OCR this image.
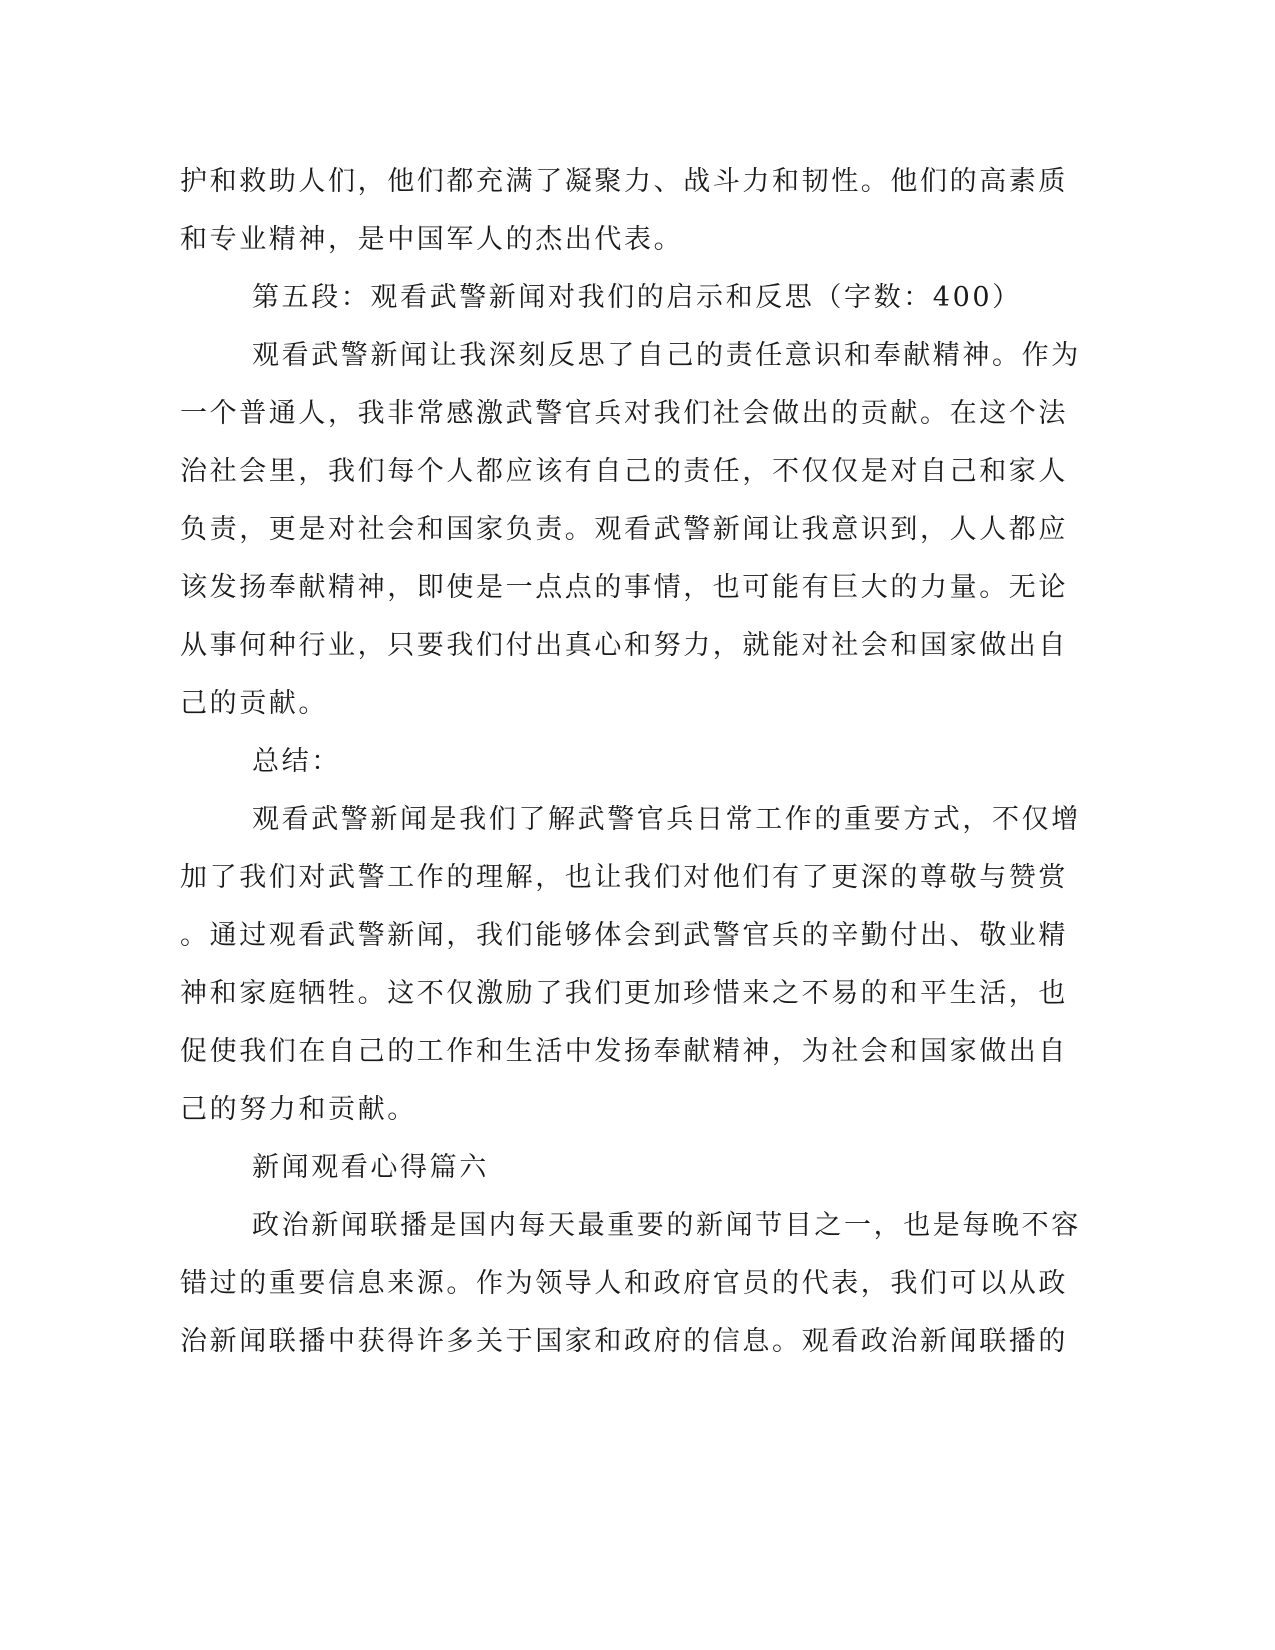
护和救助人们，他们都充满了凝聚力、战斗力和韧性。他们的高素质
和专业精神，是中国军人的杰出代表。
第五段：观看武警新闻对我们的启示和反思（字数：400）
观看武警新闻让我深刻反思了自己的责任意识和奉献精神。作为
一个普通人，我非常感激武警官兵对我们社会做出的贡献。在这个法
治社会里，我们每个人都应该有自己的责任，不仅仅是对自己和家人
负责，更是对社会和国家负责。观看武警新闻让我意识到，人人都应
该发扬奉献精神，即使是一点点的事情，也可能有巨大的力量。无论
从事何种行业，只要我们付出真心和努力，就能对社会和国家做出自
己的贡献。
总结：
观看武警新闻是我们了解武警官兵日常工作的重要方式，不仅增
加了我们对武警工作的理解，也让我们对他们有了更深的尊敬与赞赏
。通过观看武警新闻，我们能够体会到武警官兵的辛勤付出、敬业精
神和家庭牺牲。这不仅激励了我们更加珍惜来之不易的和平生活，也
促使我们在自己的工作和生活中发扬奉献精神，为社会和国家做出自
己的努力和贡献。
新闻观看心得篇六
政治新闻联播是国内每天最重要的新闻节目之一，也是每晚不容
错过的重要信息来源。作为领导人和政府官员的代表，我们可以从政
治新闻联播中获得许多关于国家和政府的信息。观看政治新闻联播的
